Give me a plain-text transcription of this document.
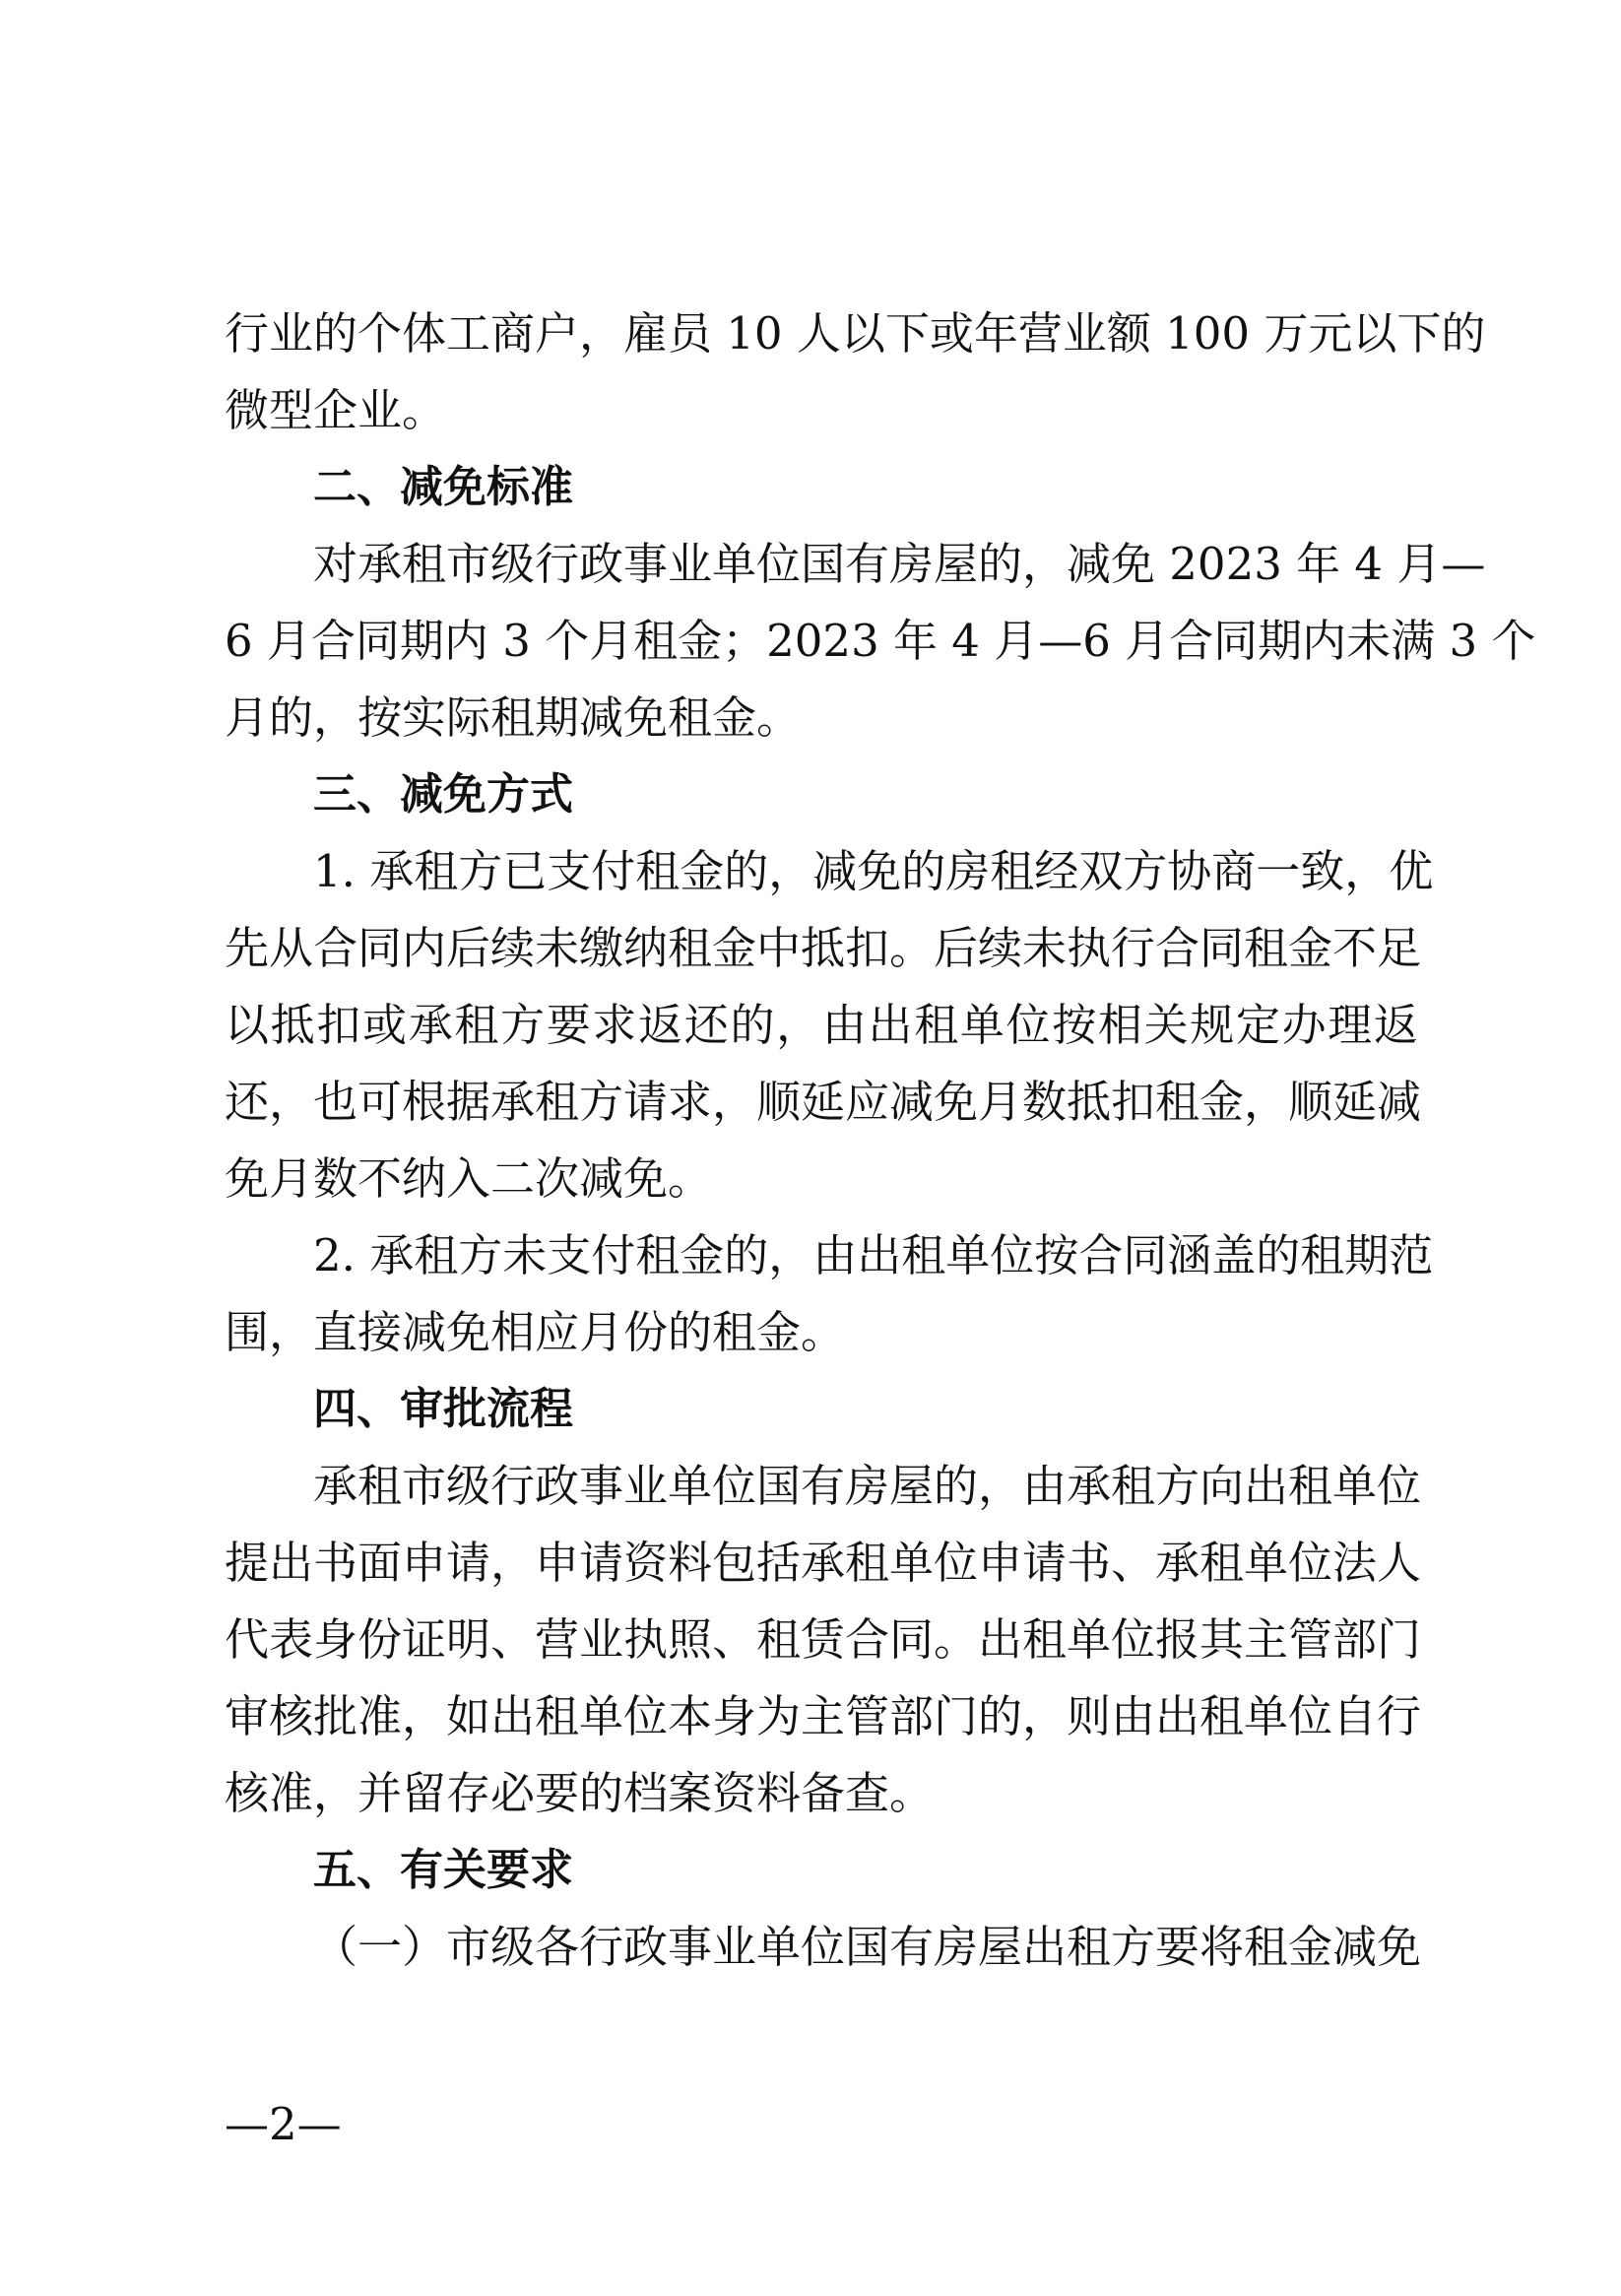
行业的个体工商户，雇员 10 人以下或年营业额 100 万元以下的
微型企业。
二、减免标准
对承租市级行政事业单位国有房屋的，减免 2023 年 4 月—
6 月合同期内 3 个月租金；2023 年 4 月—6 月合同期内未满 3 个
月的，按实际租期减免租金。
三、减免方式
1. 承租方已支付租金的，减免的房租经双方协商一致，优
先从合同内后续未缴纳租金中抵扣。后续未执行合同租金不足
以抵扣或承租方要求返还的，由出租单位按相关规定办理返
还，也可根据承租方请求，顺延应减免月数抵扣租金，顺延减
免月数不纳入二次减免。
2. 承租方未支付租金的，由出租单位按合同涵盖的租期范
围，直接减免相应月份的租金。
四、审批流程
承租市级行政事业单位国有房屋的，由承租方向出租单位
提出书面申请，申请资料包括承租单位申请书、承租单位法人
代表身份证明、营业执照、租赁合同。出租单位报其主管部门
审核批准，如出租单位本身为主管部门的，则由出租单位自行
核准，并留存必要的档案资料备查。
五、有关要求
（一）市级各行政事业单位国有房屋出租方要将租金减免
—2—
